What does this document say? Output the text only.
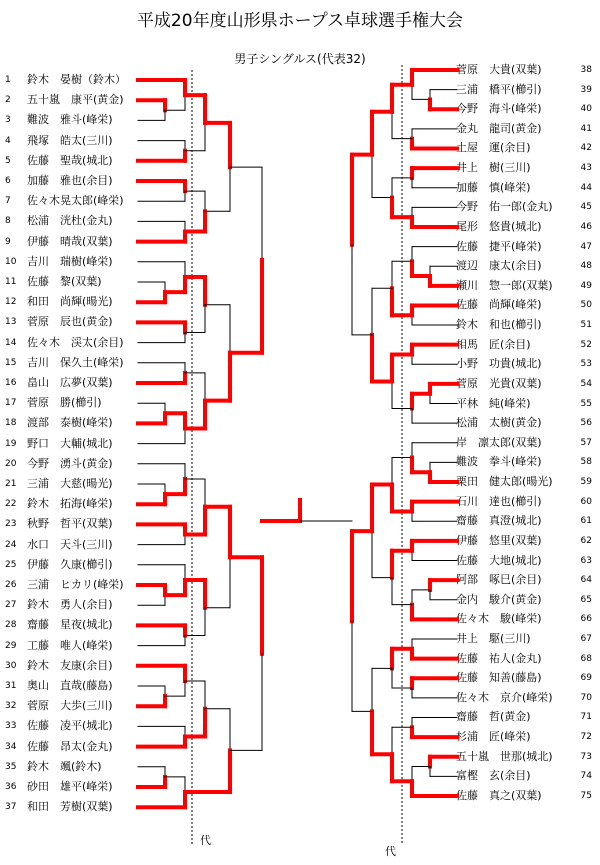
平成20年度山形県ホープス卓球選手権大会
男子シングルス(代表32)
1 鈴木　晏樹（鈴木）
2 五十嵐　康平(黄金)
3 難波　雅斗(峰栄)
4 飛塚　皓太(三川)
5 佐藤　聖哉(城北)
6 加藤　雅也(余目)
7 佐々木晃太郎(峰栄)
8 松浦　洸杜(金丸)
9 伊藤　晴哉(双葉)
10 吉川　瑞樹(峰栄)
11 佐藤　黎(双葉)
12 和田　尚輝(暘光)
13 菅原　辰也(黄金)
14 佐々木　渓太(余目)
15 吉川　保久土(峰栄)
16 畠山　広夢(双葉)
17 菅原　勝(櫛引)
18 渡部　泰樹(峰栄)
19 野口　大輔(城北)
20 今野　湧斗(黄金)
21 三浦　大慈(暘光)
22 鈴木　拓海(峰栄)
23 秋野　哲平(双葉)
24 水口　天斗(三川)
25 伊藤　久康(櫛引)
26 三浦　ヒカリ(峰栄)
27 鈴木　勇人(余目)
28 齋藤　星夜(城北)
29 工藤　唯人(峰栄)
30 鈴木　友康(余目)
31 奥山　直哉(藤島)
32 菅原　大歩(三川)
33 佐藤　凌平(城北)
34 佐藤　昂太(金丸)
35 鈴木　颯(鈴木)
36 砂田　雄平(峰栄)
37 和田　芳樹(双葉)
菅原　大貴(双葉)	38
三浦　橋平(櫛引)	39
今野　海斗(峰栄)	40
金丸　龍司(黄金)	41
土屋　運(余目)	42
井上　樹(三川)	43
加藤　慎(峰栄)	44
今野　佑一郎(金丸)	45
尾形　悠貴(城北)	46
佐藤　捷平(峰栄)	47
渡辺　康太(余目)	48
瀬川　惣一郎(双葉)	49
佐藤　尚輝(峰栄)	50
鈴木　和也(櫛引)	51
相馬　匠(余目)	52
小野　功貴(城北)	53
菅原　光貴(双葉)	54
平林　純(峰栄)	55
松浦　太樹(黄金)	56
岸　凛太郎(双葉)	57
難波　拳斗(峰栄)	58
栗田　健太郎(暘光)	59
石川　達也(櫛引)	60
齋藤　真澄(城北)	61
伊藤　悠里(双葉)	62
佐藤　大地(城北)	63
阿部　啄巳(余目)	64
金内　駿介(黄金)	65
佐々木　駿(峰栄)	66
井上　駆(三川)	67
佐藤　祐人(金丸)	68
佐藤　知善(藤島)	69
佐々木　京介(峰栄)	70
齋藤　哲(黄金)	71
杉浦　匠(峰栄)	72
五十嵐　世那(城北)	73
富樫　玄(余目)	74
佐藤　真之(双葉)	75
代
代
